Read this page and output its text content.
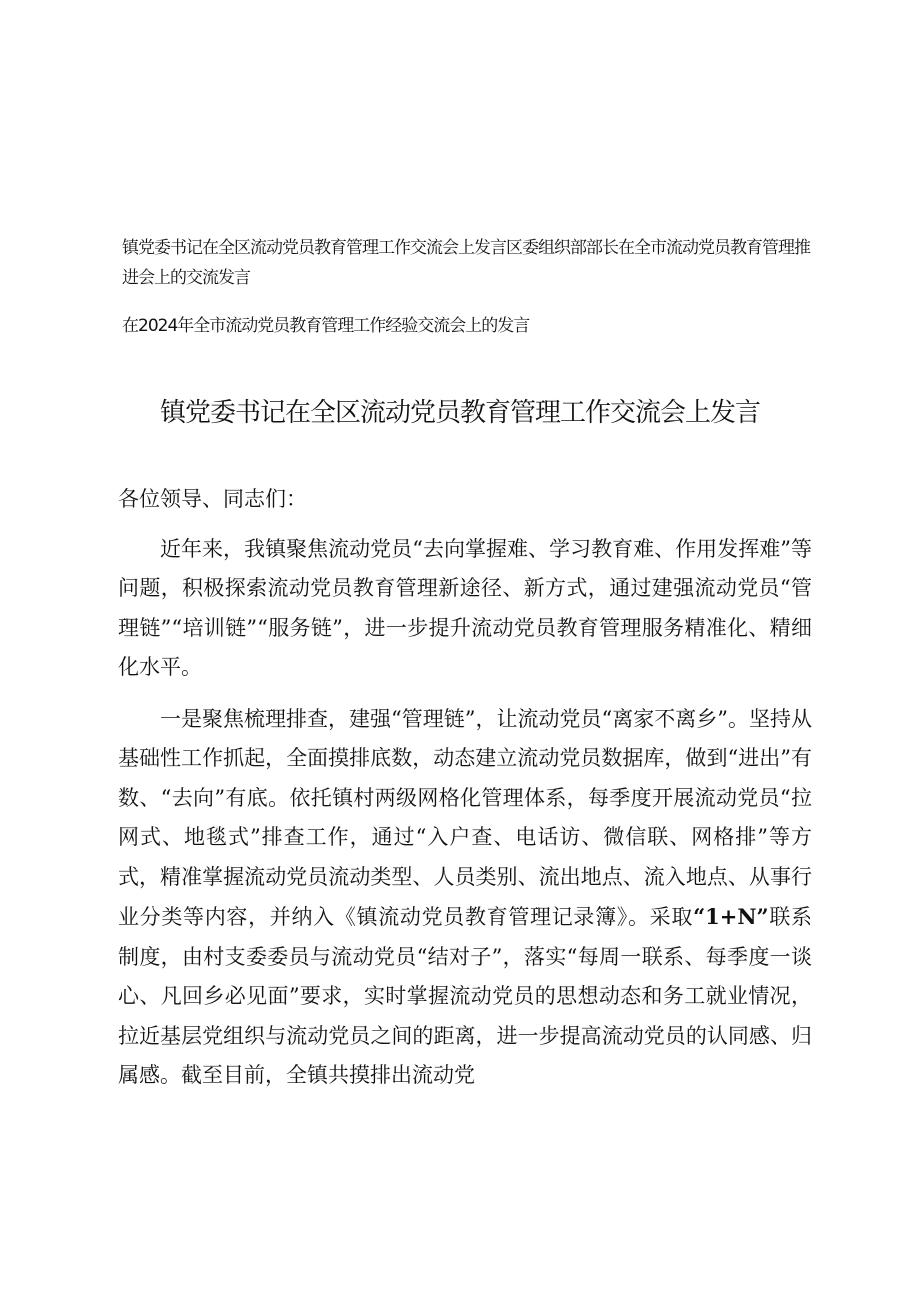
镇党委书记在全区流动党员教育管理工作交流会上发言区委组织部部长在全市流动党员教育管理推进会上的交流发言

在2024年全市流动党员教育管理工作经验交流会上的发言

镇党委书记在全区流动党员教育管理工作交流会上发言

各位领导、同志们：

近年来，我镇聚焦流动党员“去向掌握难、学习教育难、作用发挥难”等问题，积极探索流动党员教育管理新途径、新方式，通过建强流动党员“管理链”“培训链”“服务链”，进一步提升流动党员教育管理服务精准化、精细化水平。

一是聚焦梳理排查，建强“管理链”，让流动党员“离家不离乡”。坚持从基础性工作抓起，全面摸排底数，动态建立流动党员数据库，做到“进出”有数、“去向”有底。依托镇村两级网格化管理体系，每季度开展流动党员“拉网式、地毯式”排查工作，通过“入户查、电话访、微信联、网格排”等方式，精准掌握流动党员流动类型、人员类别、流出地点、流入地点、从事行业分类等内容，并纳入《镇流动党员教育管理记录簿》。采取“1+N”联系制度，由村支委委员与流动党员“结对子”，落实“每周一联系、每季度一谈心、凡回乡必见面”要求，实时掌握流动党员的思想动态和务工就业情况，拉近基层党组织与流动党员之间的距离，进一步提高流动党员的认同感、归属感。截至目前，全镇共摸排出流动党
